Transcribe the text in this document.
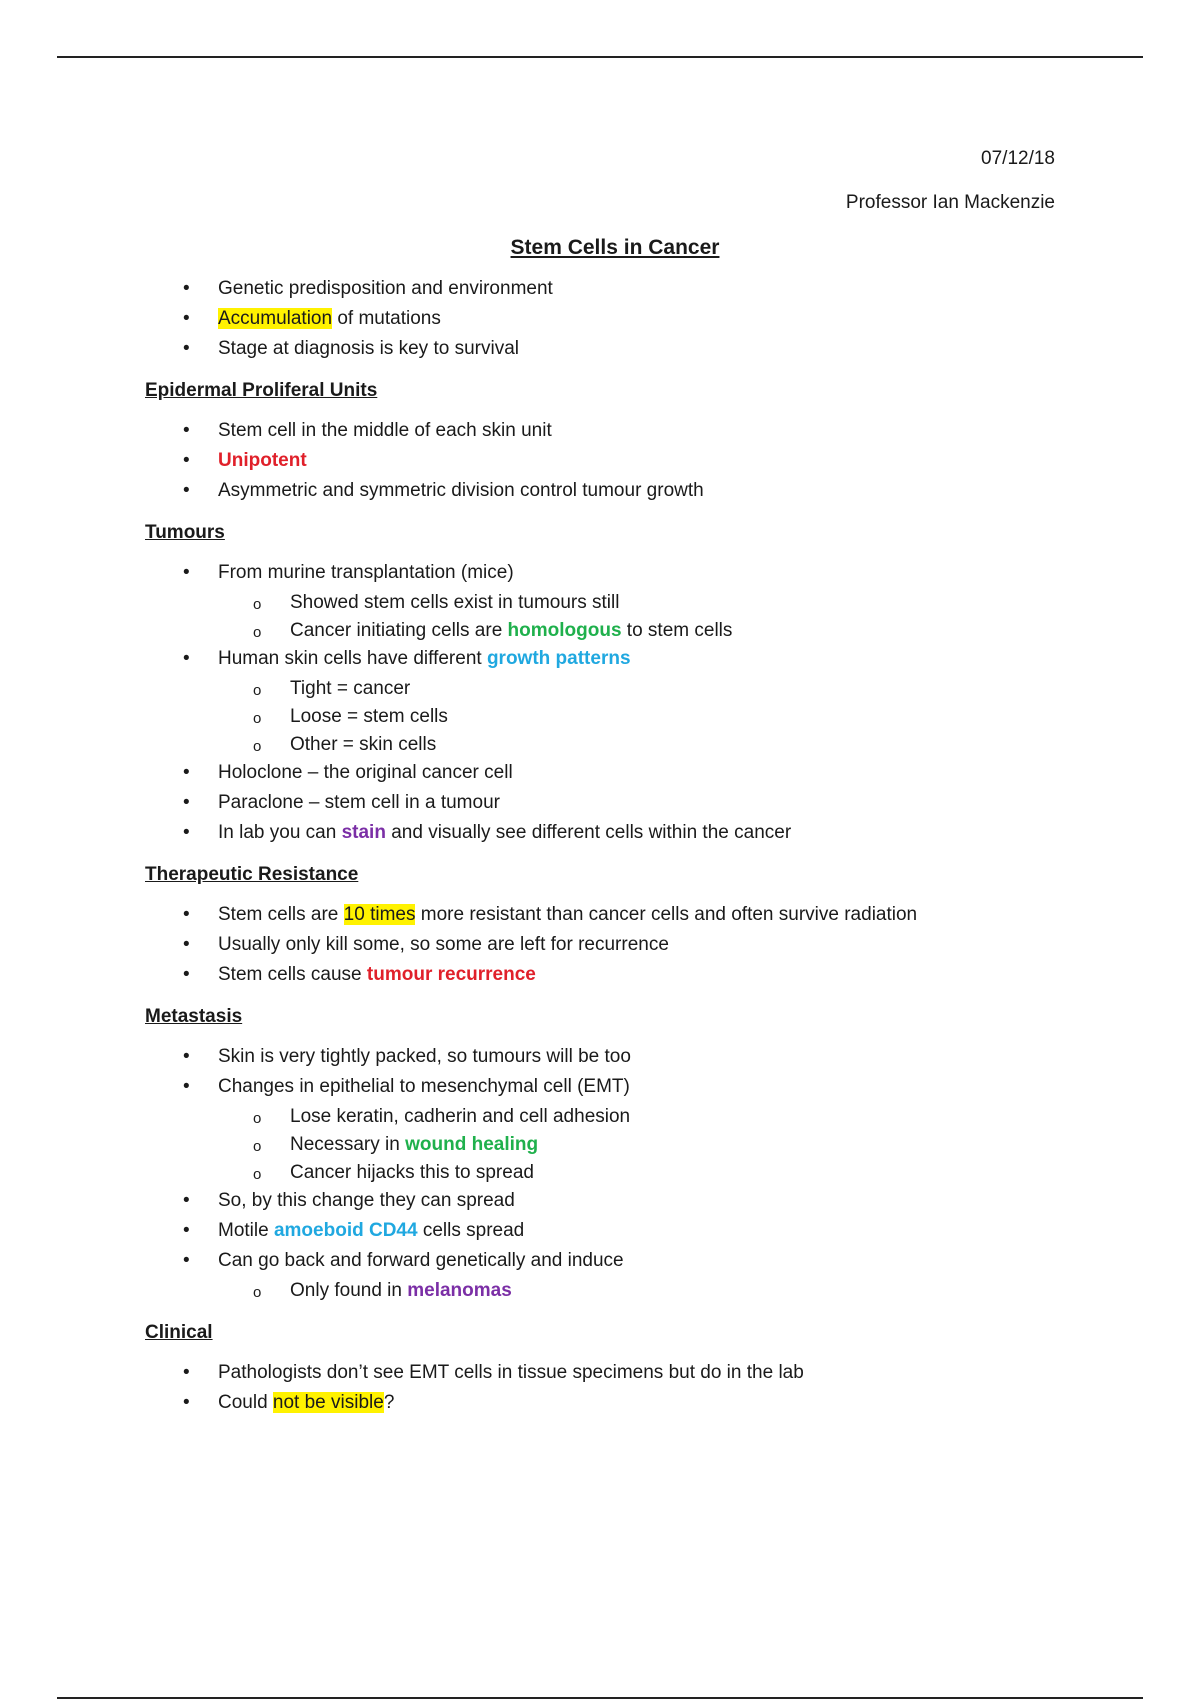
07/12/18
Professor Ian Mackenzie
Stem Cells in Cancer
• Genetic predisposition and environment
• Accumulation of mutations
• Stage at diagnosis is key to survival
Epidermal Proliferal Units
• Stem cell in the middle of each skin unit
• Unipotent
• Asymmetric and symmetric division control tumour growth
Tumours
• From murine transplantation (mice)
o Showed stem cells exist in tumours still
o Cancer initiating cells are homologous to stem cells
• Human skin cells have different growth patterns
o Tight = cancer
o Loose = stem cells
o Other = skin cells
• Holoclone – the original cancer cell
• Paraclone – stem cell in a tumour
• In lab you can stain and visually see different cells within the cancer
Therapeutic Resistance
• Stem cells are 10 times more resistant than cancer cells and often survive radiation
• Usually only kill some, so some are left for recurrence
• Stem cells cause tumour recurrence
Metastasis
• Skin is very tightly packed, so tumours will be too
• Changes in epithelial to mesenchymal cell (EMT)
o Lose keratin, cadherin and cell adhesion
o Necessary in wound healing
o Cancer hijacks this to spread
• So, by this change they can spread
• Motile amoeboid CD44 cells spread
• Can go back and forward genetically and induce
o Only found in melanomas
Clinical
• Pathologists don’t see EMT cells in tissue specimens but do in the lab
• Could not be visible?
